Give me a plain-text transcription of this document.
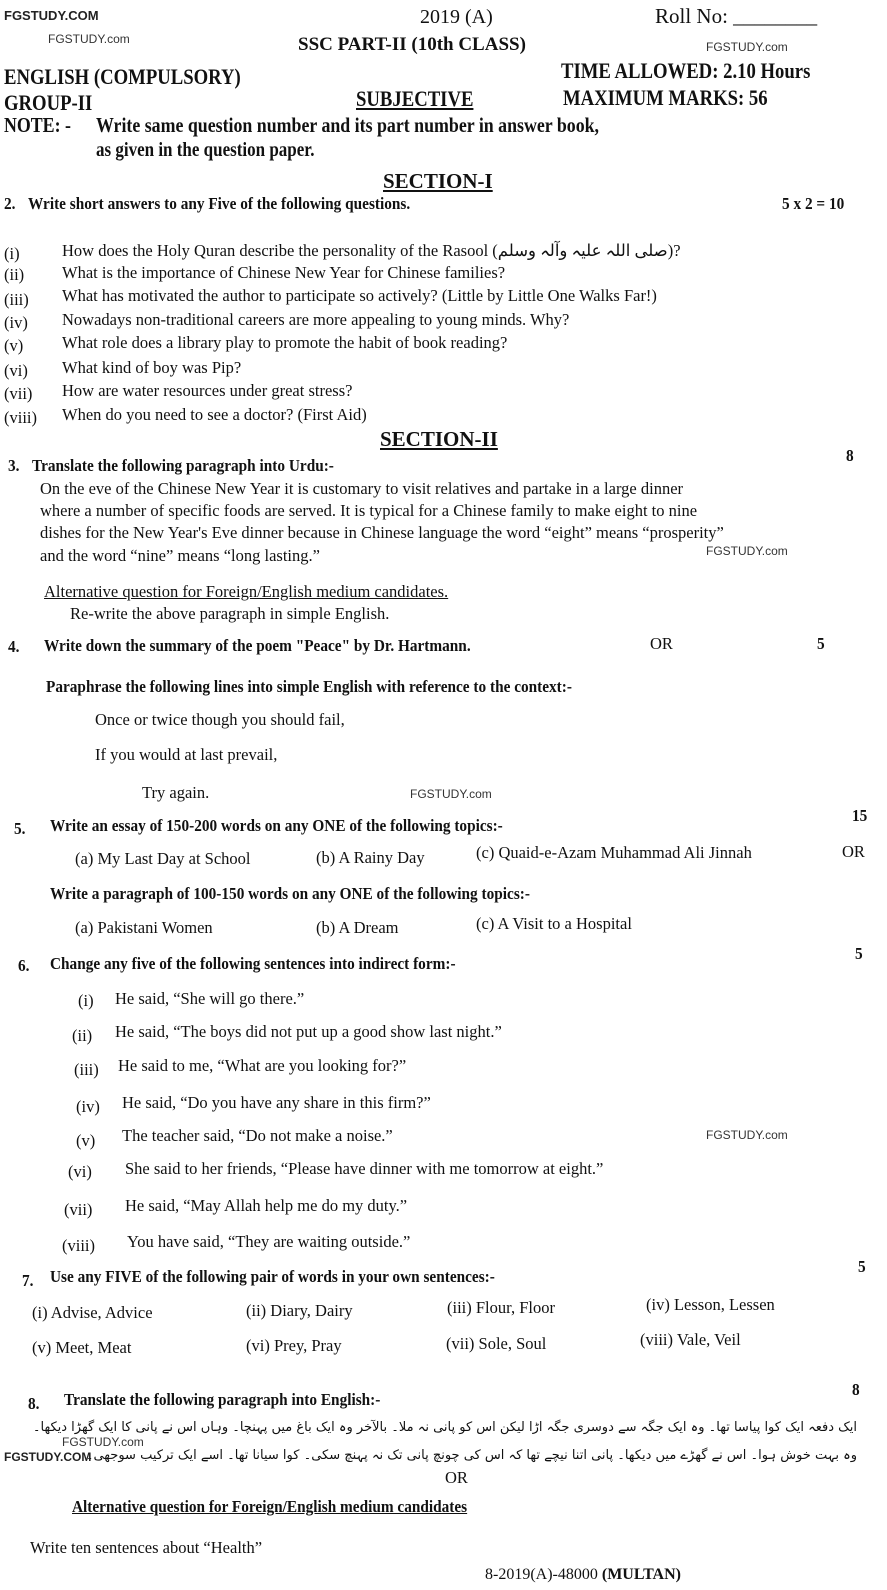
FGSTUDY.COM
FGSTUDY.com
FGSTUDY.com
2019 (A)	Roll No: ________
SSC PART-II (10th CLASS)
ENGLISH (COMPULSORY)	TIME ALLOWED: 2.10 Hours
GROUP-II	SUBJECTIVE	MAXIMUM MARKS: 56
NOTE: - Write same question number and its part number in answer book,
as given in the question paper.
SECTION-I
2. Write short answers to any Five of the following questions.	5 x 2 = 10
(i)	How does the Holy Quran describe the personality of the Rasool (صلی اللہ علیہ وآلہ وسلم)?
(ii) What is the importance of Chinese New Year for Chinese families?
(iii) What has motivated the author to participate so actively? (Little by Little One Walks Far!)
(iv) Nowadays non-traditional careers are more appealing to young minds. Why?
(v) What role does a library play to promote the habit of book reading?
(vi) What kind of boy was Pip?
(vii) How are water resources under great stress?
(viii) When do you need to see a doctor? (First Aid)
SECTION-II
3. Translate the following paragraph into Urdu:-
8
On the eve of the Chinese New Year it is customary to visit relatives and partake in a large dinner
where a number of specific foods are served. It is typical for a Chinese family to make eight to nine
dishes for the New Year's Eve dinner because in Chinese language the word “eight” means “prosperity”
and the word “nine” means “long lasting.”	FGSTUDY.com
Alternative question for Foreign/English medium candidates.
Re-write the above paragraph in simple English.
4. Write down the summary of the poem "Peace" by Dr. Hartmann.	OR	5
Paraphrase the following lines into simple English with reference to the context:-
Once or twice though you should fail,
If you would at last prevail,
Try again.	FGSTUDY.com
5. Write an essay of 150-200 words on any ONE of the following topics:-
15
(a) My Last Day at School	(b) A Rainy Day	(c) Quaid-e-Azam Muhammad Ali Jinnah	OR
Write a paragraph of 100-150 words on any ONE of the following topics:-
(a) Pakistani Women	(b) A Dream	(c) A Visit to a Hospital
6. Change any five of the following sentences into indirect form:-
5
(i) He said, “She will go there.”
(ii) He said, “The boys did not put up a good show last night.”
(iii) He said to me, “What are you looking for?”
(iv) He said, “Do you have any share in this firm?”
(v) The teacher said, “Do not make a noise.”
(vi) She said to her friends, “Please have dinner with me tomorrow at eight.”
(vii) He said, “May Allah help me do my duty.”
(viii) You have said, “They are waiting outside.”
FGSTUDY.com
7. Use any FIVE of the following pair of words in your own sentences:-
5
(i) Advise, Advice	(ii) Diary, Dairy	(iii) Flour, Floor	(iv) Lesson, Lessen
(v) Meet, Meat	(vi) Prey, Pray	(vii) Sole, Soul	(viii) Vale, Veil
8. Translate the following paragraph into English:-
8
ایک دفعہ ایک کوا پیاسا تھا۔ وہ ایک جگہ سے دوسری جگہ اڑا لیکن اس کو پانی نہ ملا۔ بالآخر وہ ایک باغ میں پہنچا۔ وہاں اس نے پانی کا ایک گھڑا دیکھا۔
وہ بہت خوش ہوا۔ اس نے گھڑے میں دیکھا۔ پانی اتنا نیچے تھا کہ اس کی چونچ پانی تک نہ پہنچ سکی۔ کوا سیانا تھا۔ اسے ایک ترکیب سوجھی۔
FGSTUDY.com
FGSTUDY.COM
OR
Alternative question for Foreign/English medium candidates
Write ten sentences about “Health”
8-2019(A)-48000 (MULTAN)
